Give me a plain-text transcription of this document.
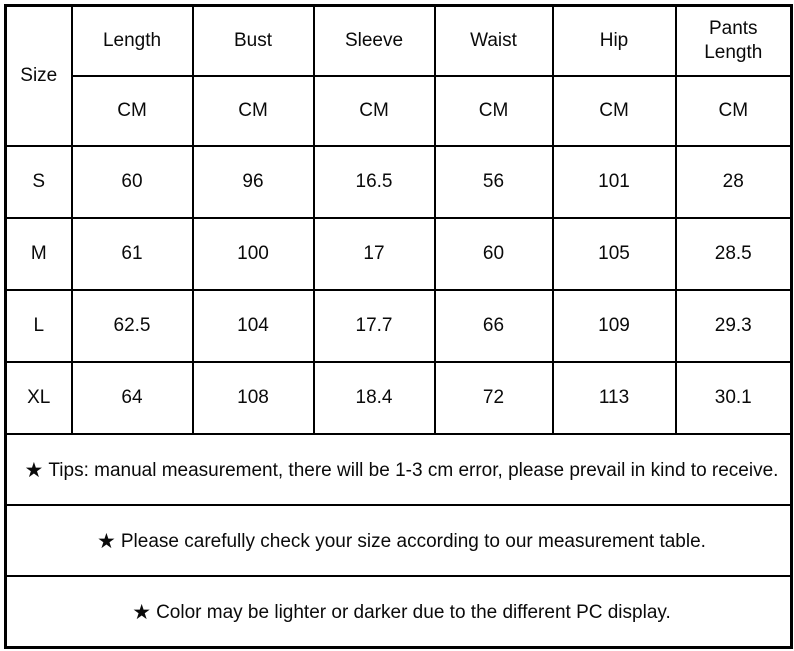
Size	Length	Bust	Sleeve	Waist	Hip	Pants Length
	CM	CM	CM	CM	CM	CM
S	60	96	16.5	56	101	28
M	61	100	17	60	105	28.5
L	62.5	104	17.7	66	109	29.3
XL	64	108	18.4	72	113	30.1
★ Tips: manual measurement, there will be 1-3 cm error, please prevail in kind to receive.						
★ Please carefully check your size according to our measurement table.						
★ Color may be lighter or darker due to the different PC display.						
